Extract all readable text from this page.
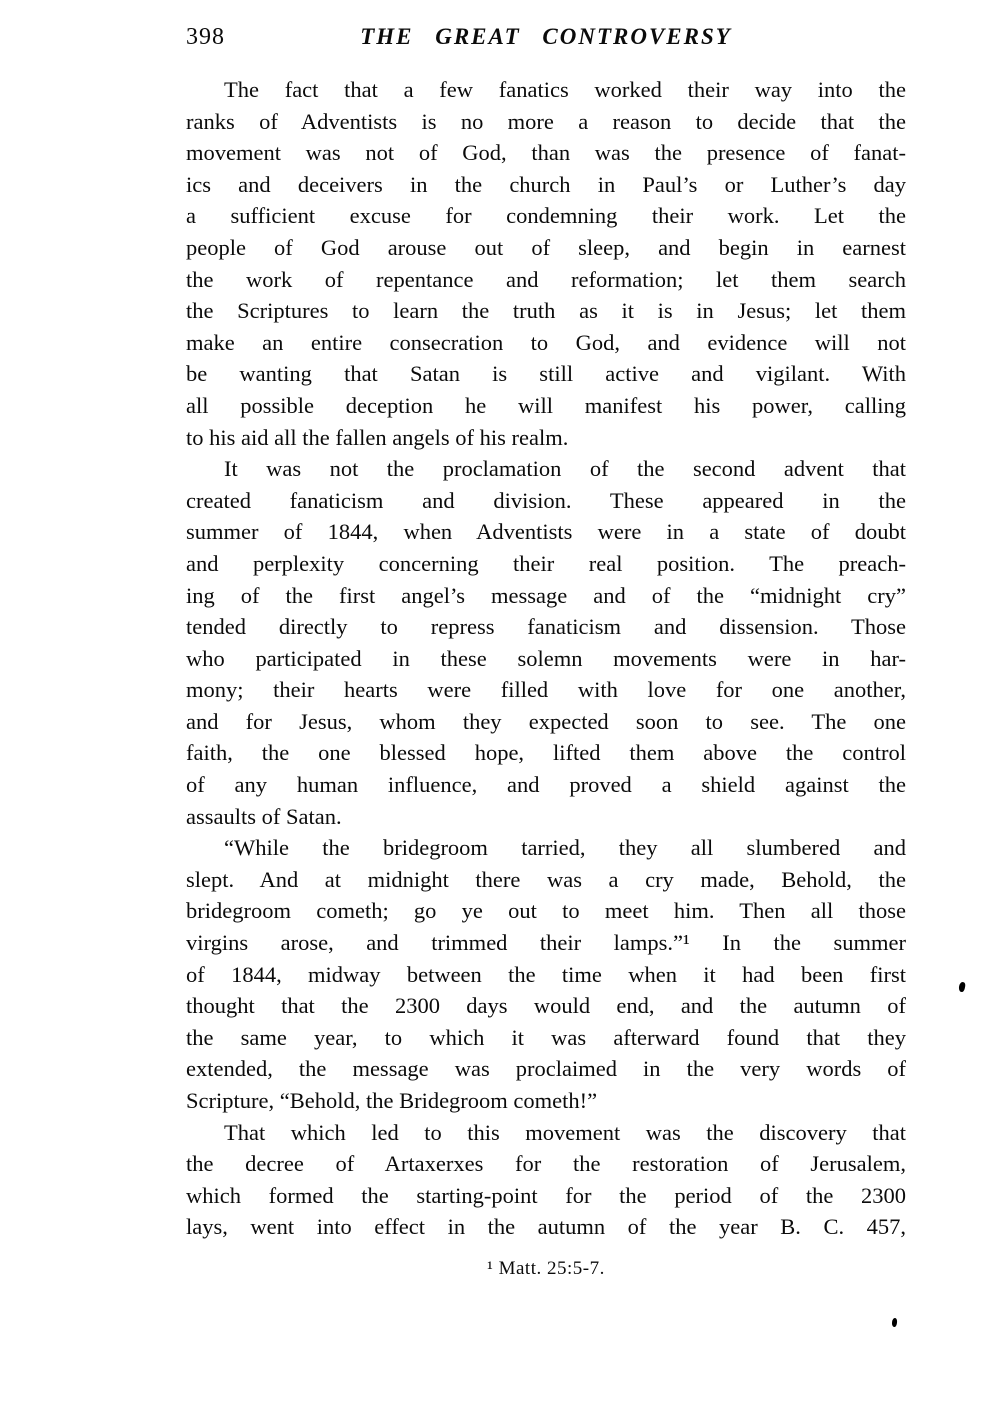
398	THE GREAT CONTROVERSY
The fact that a few fanatics worked their way into the
ranks of Adventists is no more a reason to decide that the
movement was not of God, than was the presence of fanat-
ics and deceivers in the church in Paul’s or Luther’s day
a sufficient excuse for condemning their work. Let the
people of God arouse out of sleep, and begin in earnest
the work of repentance and reformation; let them search
the Scriptures to learn the truth as it is in Jesus; let them
make an entire consecration to God, and evidence will not
be wanting that Satan is still active and vigilant. With
all possible deception he will manifest his power, calling
to his aid all the fallen angels of his realm.
It was not the proclamation of the second advent that
created fanaticism and division. These appeared in the
summer of 1844, when Adventists were in a state of doubt
and perplexity concerning their real position. The preach-
ing of the first angel’s message and of the “midnight cry”
tended directly to repress fanaticism and dissension. Those
who participated in these solemn movements were in har-
mony; their hearts were filled with love for one another,
and for Jesus, whom they expected soon to see. The one
faith, the one blessed hope, lifted them above the control
of any human influence, and proved a shield against the
assaults of Satan.
“While the bridegroom tarried, they all slumbered and
slept. And at midnight there was a cry made, Behold, the
bridegroom cometh; go ye out to meet him. Then all those
virgins arose, and trimmed their lamps.”¹ In the summer
of 1844, midway between the time when it had been first
thought that the 2300 days would end, and the autumn of
the same year, to which it was afterward found that they
extended, the message was proclaimed in the very words of
Scripture, “Behold, the Bridegroom cometh!”
That which led to this movement was the discovery that
the decree of Artaxerxes for the restoration of Jerusalem,
which formed the starting-point for the period of the 2300
lays, went into effect in the autumn of the year B. C. 457,
¹ Matt. 25:5-7.
